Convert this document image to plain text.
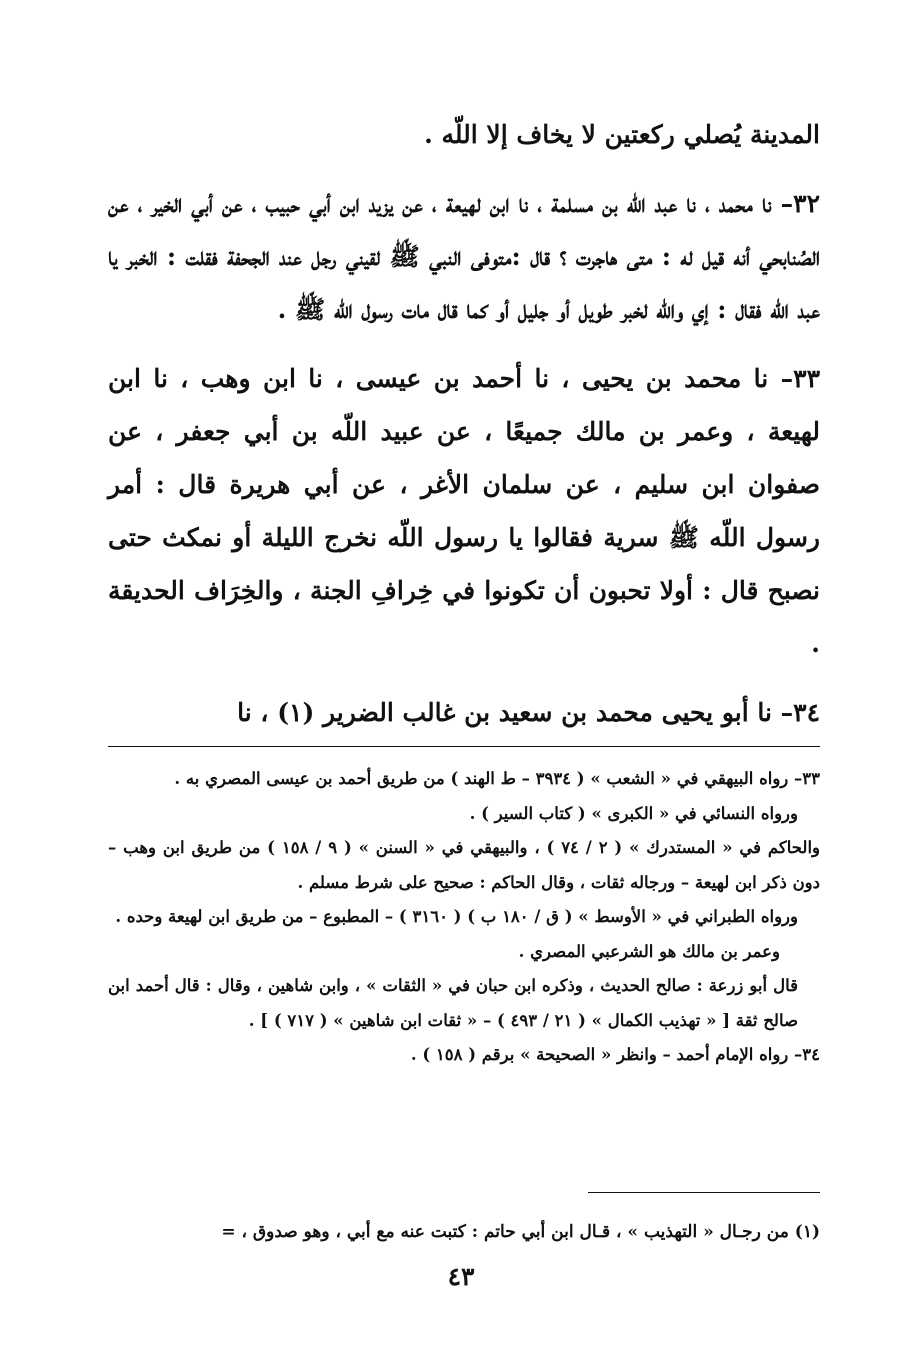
المدينة يُصلي ركعتين لا يخاف إلا اللّه .

٣٢– نا محمد ، نا عبد اللّه بن مسلمة ، نا ابن لهيعة ، عن يزيد ابن أبي حبيب ، عن أبي الخير ، عن الصُنابحي أنه قيل له : متى هاجرت ؟ قال :متوفى النبي ﷺ لقيني رجل عند الجحفة فقلت : الخبر يا عبد اللّه فقال : إي والله لخبر طويل أو جليل أو كما قال مات رسول اللّه ﷺ .

٣٣– نا محمد بن يحيى ، نا أحمد بن عيسى ، نا ابن وهب ، نا ابن لهيعة ، وعمر بن مالك جميعًا ، عن عبيد اللّه بن أبي جعفر ، عن صفوان ابن سليم ، عن سلمان الأغر ، عن أبي هريرة قال : أمر رسول اللّه ﷺ سرية فقالوا يا رسول اللّه نخرج الليلة أو نمكث حتى نصبح قال : أولا تحبون أن تكونوا في خِرافِ الجنة ، والخِرَاف الحديقة .

٣٤– نا أبو يحيى محمد بن سعيد بن غالب الضرير (١) ، نا

٣٣– رواه البيهقي في « الشعب » ( ٣٩٣٤ – ط الهند ) من طريق أحمد بن عيسى المصري به .

ورواه النسائي في « الكبرى » ( كتاب السير ) .

والحاكم في « المستدرك » ( ٢ / ٧٤ ) ، والبيهقي في « السنن » ( ٩ / ١٥٨ ) من طريق ابن وهب – دون ذكر ابن لهيعة – ورجاله ثقات ، وقال الحاكم : صحيح على شرط مسلم .

ورواه الطبراني في « الأوسط » ( ق / ١٨٠ ب ) ( ٣١٦٠ ) – المطبوع – من طريق ابن لهيعة وحده .

وعمر بن مالك هو الشرعبي المصري .

قال أبو زرعة : صالح الحديث ، وذكره ابن حبان في « الثقات » ، وابن شاهين ، وقال : قال أحمد ابن صالح ثقة [ « تهذيب الكمال » ( ٢١ / ٤٩٣ ) – « ثقات ابن شاهين » ( ٧١٧ ) ] .

٣٤– رواه الإمام أحمد – وانظر « الصحيحة » برقم ( ١٥٨ ) .

(١) من رجـال « التهذيب » ، قـال ابن أبي حاتم : كتبت عنه مع أبي ، وهو صدوق ، =
٤٣
